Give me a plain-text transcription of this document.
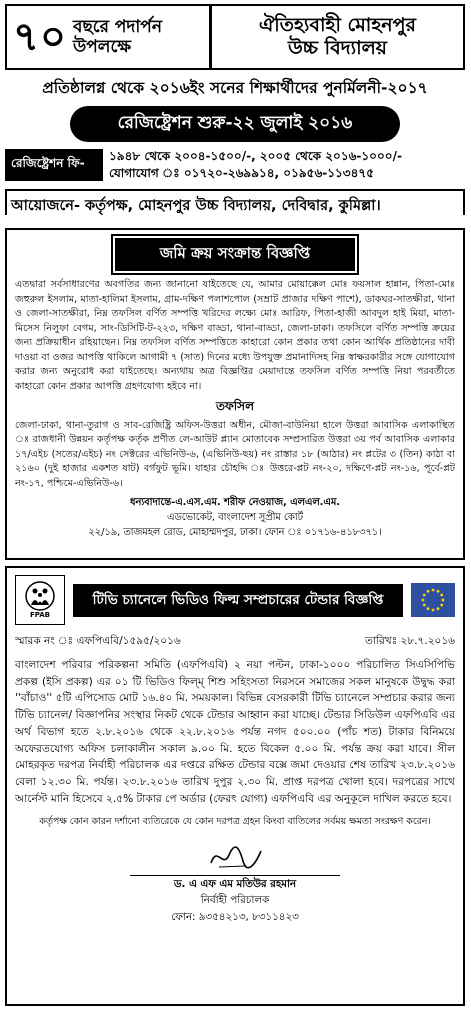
৭০ বছরে পদার্পন
উপলক্ষে
ঐতিহ্যবাহী মোহনপুর
উচ্চ বিদ্যালয়
প্রতিষ্ঠালগ্ন থেকে ২০১৬ইং সনের শিক্ষার্থীদের পুনর্মিলনী-২০১৭
রেজিষ্ট্রেশন শুরু-২২ জুলাই ২০১৬
রেজিষ্ট্রেশন ফি-
১৯৪৮ থেকে ২০০৪-১৫০০/-, ২০০৫ থেকে ২০১৬-১০০০/-
যোগাযোগ ঃ ০১৭২০-২৬৯৯১৪, ০১৯৫৬-১১৩৪৭৫
আয়োজনে- কর্তৃপক্ষ, মোহনপুর উচ্চ বিদ্যালয়, দেবিদ্বার, কুমিল্লা।
জমি ক্রয় সংক্রান্ত বিজ্ঞপ্তি
এতদ্বারা সর্বসাধারণের অবগতির জন্য জানানো যাইতেছে যে, আমার মোয়াক্কেল মোঃ ফয়সাল হান্নান, পিতা-মোঃ জহুরুল ইসলাম, মাতা-হালিমা ইসলাম, গ্রাম-দক্ষিণ পলাশপোল (সম্রাট প্রাজার দক্ষিণ পাশে), ডাকঘর-সাতক্ষীরা, থানা ও জেলা-সাতক্ষীরা, নিম্ন তফসিল বর্ণিত সম্পত্তি খরিদের লক্ষ্যে মোঃ আরিফ, পিতা-হাজী আবদুল হাই মিয়া, মাতা-মিসেস নিলুফা বেগম, সাং-ডিসিটি-ট-২২৩, দক্ষিণ বাড্ডা, থানা-বাড্ডা, জেলা-ঢাকা। তফসিলে বর্ণিত সম্পত্তি ক্রয়ের জন্য প্রক্রিয়াধীন রহিয়াছেন। নিম্ন তফসিল বর্ণিত সম্পত্তিতে কাহারো কোন প্রকার তথা কোন আর্থিক প্রতিষ্ঠানের দাবী দাওয়া বা ওজর আপত্তি থাকিলে আগামী ৭ (সাত) দিনের মধ্যে উপযুক্ত প্রমানাদিসহ নিম্ন স্বাক্ষরকারীর সঙ্গে যোগাযোগ করার জন্য অনুরোধ করা যাইতেছে। অন্যথায় অত্র বিজ্ঞপ্তির মেয়াদান্তে তফসিল বর্ণিত সম্পত্তি নিয়া পরবর্তীতে কাহারো কোন প্রকার আপত্তি গ্রহণযোগ্য হইবে না।
তফসিল
জেলা-ঢাকা, থানা-তুরাগ ও সাব-রেজিষ্ট্রি অফিস-উত্তরা অধীন, মৌজা-বাউনিয়া হালে উত্তরা আবাসিক এলাকাস্থিত ঃ রাজধানী উন্নয়ন কর্তৃপক্ষ কর্তৃক প্রণীত লে-আউট প্ল্যান মোতাবেক সম্প্রসারিত উত্তরা ৩য় পর্ব আবাসিক এলাকার ১৭/এইচ (সতের/এইচ) নং সেক্টরের এভিনিউ-৬, (এভিনিউ-ছয়) নং রাস্তার ১৮ (আঠার) নং প্লটের ৩ (তিন) কাঠা বা ২১৬০ (দুই হাজার একশত ষাট) বর্গফুট ভূমি। যাহার চৌহদ্দি ঃ উত্তরে-প্লট নং-২০, দক্ষিণে-প্লট নং-১৬, পূর্বে-প্লট নং-১৭, পশ্চিমে-এভিনিউ-৬।
ধন্যবাদান্তে-এ.এস.এম. শরীফ নেওয়াজ, এলএল.এম.
এডভোকেট, বাংলাদেশ সুপ্রীম কোর্ট
২২/১৯, তাজমহল রোড, মোহাম্মদপুর, ঢাকা। ফোন ঃ ০১৭১৬-৪১৮৩৭১।
FPAB
টিভি চ্যানেলে ভিডিও ফিল্ম সম্প্রচারের টেন্ডার বিজ্ঞপ্তি
স্মারক নং ঃ এফপিএবি/১৫৯৫/২০১৬	তারিখঃ ২৮.৭.২০১৬
বাংলাদেশ পরিবার পরিকল্পনা সমিতি (এফপিএবি) ২ নয়া পল্টন, ঢাকা-১০০০ পরিচালিত সিএসিপিভি প্রকল্প (ইসি প্রকল্প) এর ০১ টি ভিডিও ফিল্ম্ শিশু সহিংসতা নিরসনে সমাজের সকল মানুষকে উদ্বুদ্ধ করা ''বাঁচাও'' ৫টি এপিসোড মোট ১৬.৪০ মি. সময়কাল। বিভিন্ন বেসরকারী টিভি চ্যানেলে সম্প্রচার করার জন্য টিভি চ্যানেল/ বিজ্ঞাপনির সংস্থার নিকট থেকে টেন্ডার আহ্বান করা যাচ্ছে। টেন্ডার সিডিউল এফপিএবি এর অর্থ বিভাগ হতে ২.৮.২০১৬ থেকে ২২.৮.২০১৬ পর্যন্ত নগদ ৫০০.০০ (পাঁচ শত) টাকার বিনিময়ে অফেরতযোগ্য অফিস চলাকালীন সকাল ৯.০০ মি. হতে বিকেল ৫.০০ মি. পর্যন্ত ক্রয় করা যাবে। সীল মোহরকৃত দরপত্র নির্বাহী পরিচালক এর দপ্তরে রক্ষিত টেন্ডার বক্সে জমা দেওয়ার শেষ তারিখ ২৩.৮.২০১৬ বেলা ১২.৩০ মি. পর্যন্ত। ২৩.৮.২০১৬ তারিখ দুপুর ২.৩০ মি. প্রাপ্ত দরপত্র খোলা হবে। দরপত্রের সাথে আর্নেস্ট মানি হিসেবে ২.৫% টাকার পে অর্ডার (ফেরৎ যোগ্য) এফপিএবি এর অনুকূলে দাখিল করতে হবে।
কর্তৃপক্ষ কোন কারন দর্শানো ব্যতিরেকে যে কোন দরপত্র গ্রহন কিংবা বাতিলের সর্বময় ক্ষমতা সংরক্ষণ করেন।
ড. এ এফ এম মতিউর রহমান
নির্বাহী পরিচালক
ফোন: ৯৩৫৪২১৩, ৮৩১১৪২৩
